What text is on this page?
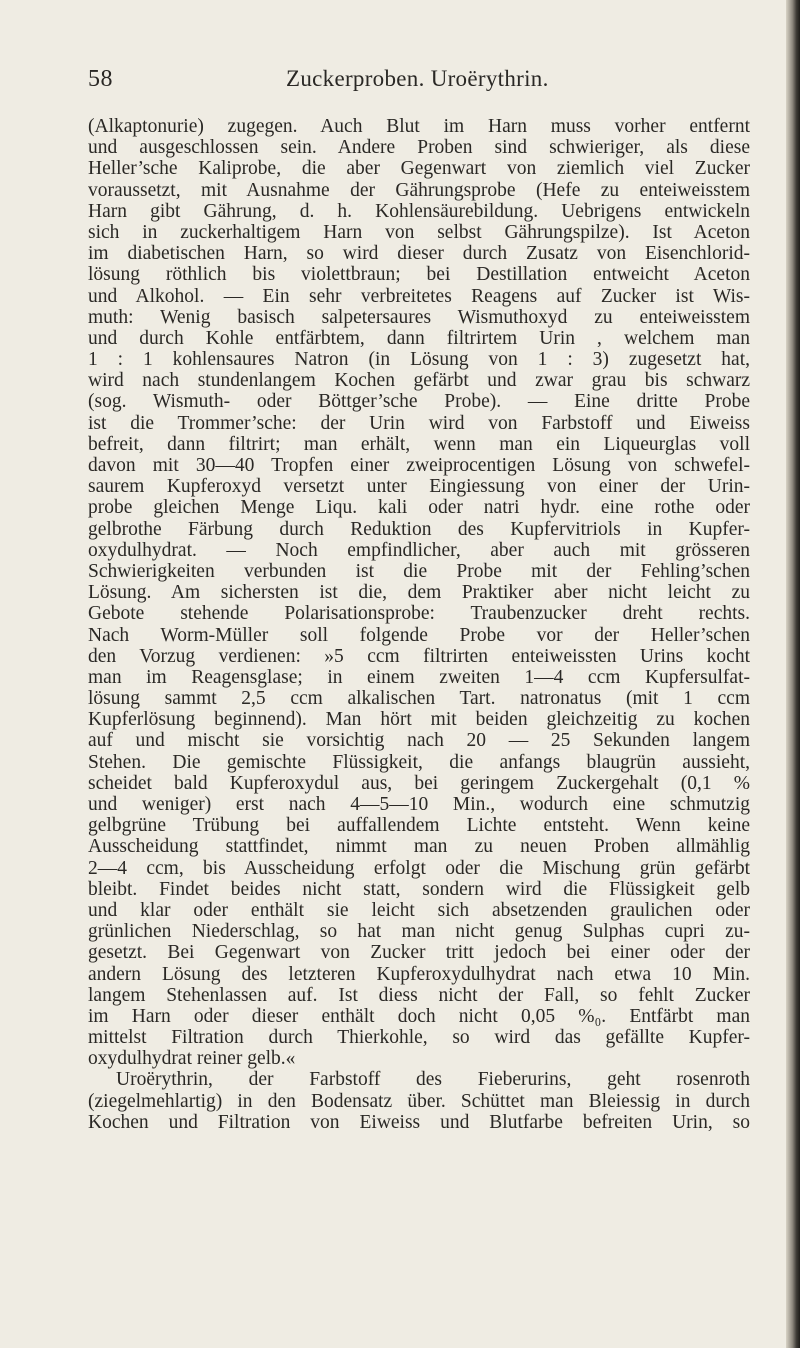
58	Zuckerproben. Uroërythrin.
(Alkaptonurie) zugegen. Auch Blut im Harn muss vorher entfernt
und ausgeschlossen sein. Andere Proben sind schwieriger, als diese
Heller’sche Kaliprobe, die aber Gegenwart von ziemlich viel Zucker
voraussetzt, mit Ausnahme der Gährungsprobe (Hefe zu enteiweisstem
Harn gibt Gährung, d. h. Kohlensäurebildung. Uebrigens entwickeln
sich in zuckerhaltigem Harn von selbst Gährungspilze). Ist Aceton
im diabetischen Harn, so wird dieser durch Zusatz von Eisenchlorid-
lösung röthlich bis violettbraun; bei Destillation entweicht Aceton
und Alkohol. — Ein sehr verbreitetes Reagens auf Zucker ist Wis-
muth: Wenig basisch salpetersaures Wismuthoxyd zu enteiweisstem
und durch Kohle entfärbtem, dann filtrirtem Urin , welchem man
1 : 1 kohlensaures Natron (in Lösung von 1 : 3) zugesetzt hat,
wird nach stundenlangem Kochen gefärbt und zwar grau bis schwarz
(sog. Wismuth- oder Böttger’sche Probe). — Eine dritte Probe
ist die Trommer’sche: der Urin wird von Farbstoff und Eiweiss
befreit, dann filtrirt; man erhält, wenn man ein Liqueurglas voll
davon mit 30—40 Tropfen einer zweiprocentigen Lösung von schwefel-
saurem Kupferoxyd versetzt unter Eingiessung von einer der Urin-
probe gleichen Menge Liqu. kali oder natri hydr. eine rothe oder
gelbrothe Färbung durch Reduktion des Kupfervitriols in Kupfer-
oxydulhydrat. — Noch empfindlicher, aber auch mit grösseren
Schwierigkeiten verbunden ist die Probe mit der Fehling’schen
Lösung. Am sichersten ist die, dem Praktiker aber nicht leicht zu
Gebote stehende Polarisationsprobe: Traubenzucker dreht rechts.
Nach Worm-Müller soll folgende Probe vor der Heller’schen
den Vorzug verdienen: »5 ccm filtrirten enteiweissten Urins kocht
man im Reagensglase; in einem zweiten 1—4 ccm Kupfersulfat-
lösung sammt 2,5 ccm alkalischen Tart. natronatus (mit 1 ccm
Kupferlösung beginnend). Man hört mit beiden gleichzeitig zu kochen
auf und mischt sie vorsichtig nach 20 — 25 Sekunden langem
Stehen. Die gemischte Flüssigkeit, die anfangs blaugrün aussieht,
scheidet bald Kupferoxydul aus, bei geringem Zuckergehalt (0,1 %
und weniger) erst nach 4—5—10 Min., wodurch eine schmutzig
gelbgrüne Trübung bei auffallendem Lichte entsteht. Wenn keine
Ausscheidung stattfindet, nimmt man zu neuen Proben allmählig
2—4 ccm, bis Ausscheidung erfolgt oder die Mischung grün gefärbt
bleibt. Findet beides nicht statt, sondern wird die Flüssigkeit gelb
und klar oder enthält sie leicht sich absetzenden graulichen oder
grünlichen Niederschlag, so hat man nicht genug Sulphas cupri zu-
gesetzt. Bei Gegenwart von Zucker tritt jedoch bei einer oder der
andern Lösung des letzteren Kupferoxydulhydrat nach etwa 10 Min.
langem Stehenlassen auf. Ist diess nicht der Fall, so fehlt Zucker
im Harn oder dieser enthält doch nicht 0,05 %₀. Entfärbt man
mittelst Filtration durch Thierkohle, so wird das gefällte Kupfer-
oxydulhydrat reiner gelb.«
Uroërythrin, der Farbstoff des Fieberurins, geht rosenroth
(ziegelmehlartig) in den Bodensatz über. Schüttet man Bleiessig in durch
Kochen und Filtration von Eiweiss und Blutfarbe befreiten Urin, so
